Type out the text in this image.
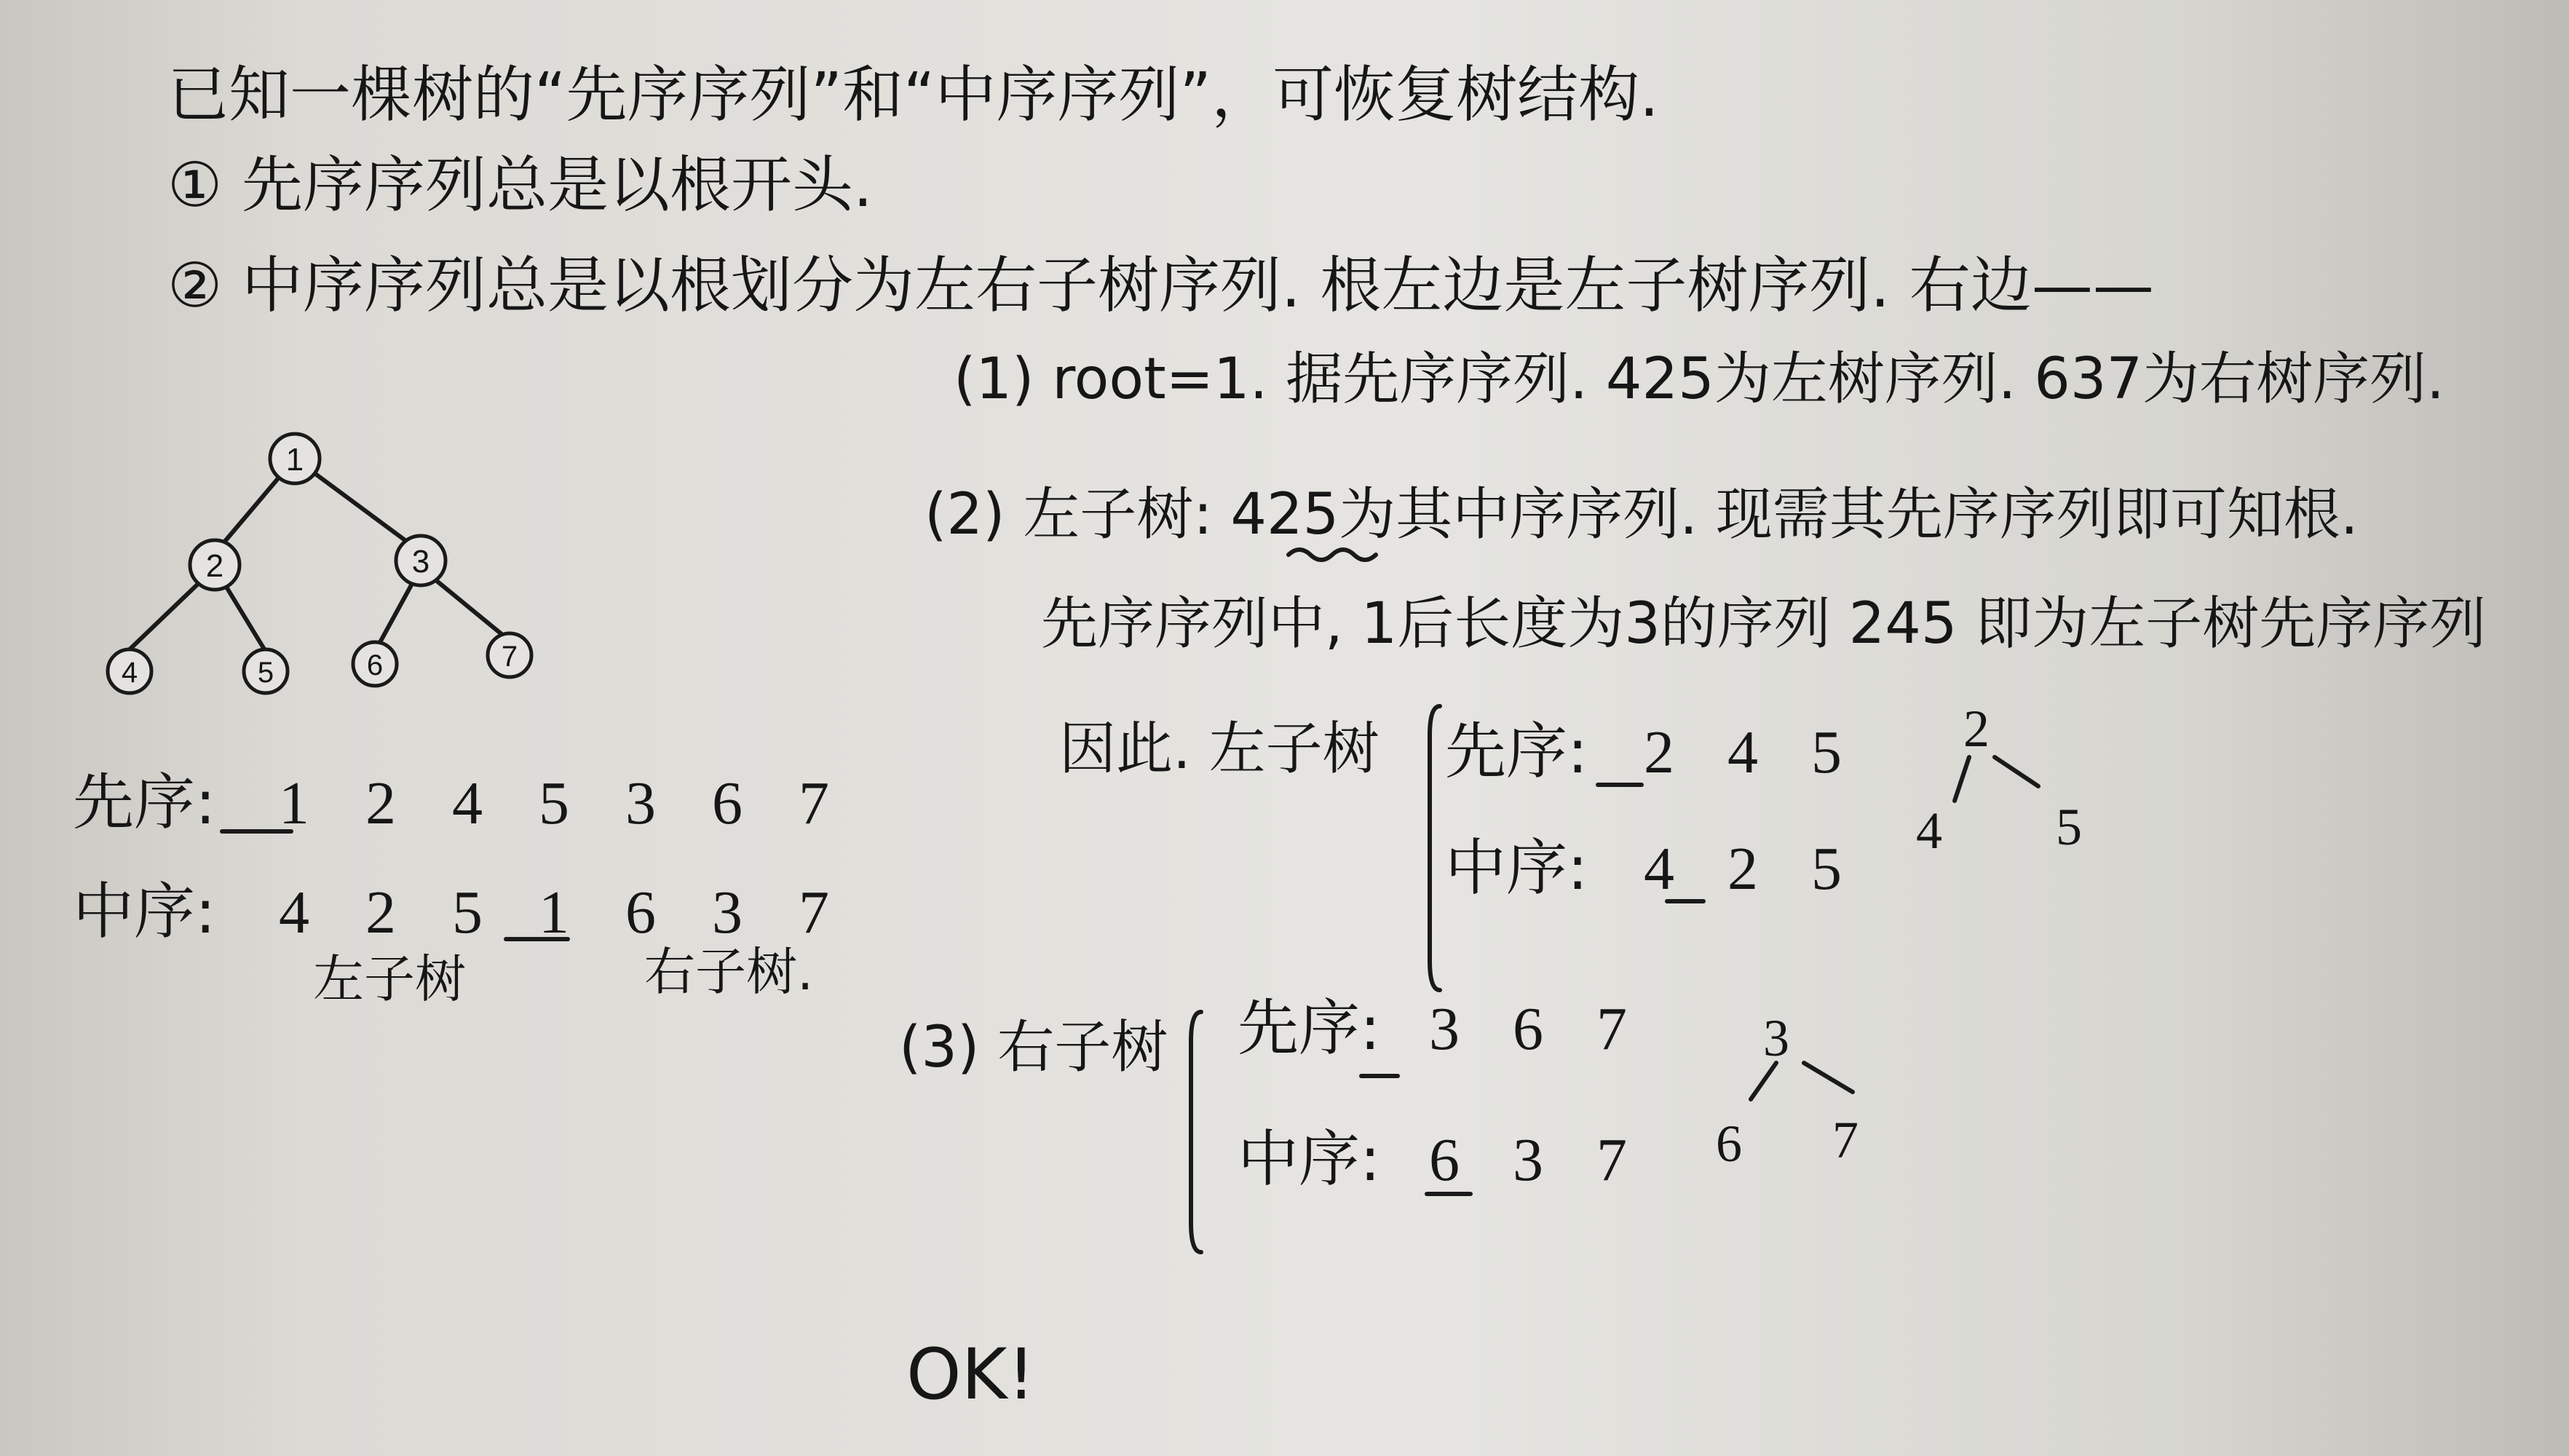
已知一棵树的“先序序列”和“中序序列”，可恢复树结构.
① 先序序列总是以根开头.
② 中序序列总是以根划分为左右子树序列. 根左边是左子树序列. 右边——
(1) root=1. 据先序序列. 425为左树序列. 637为右树序列.
(2) 左子树: 425为其中序序列. 现需其先序序列即可知根.
先序序列中, 1后长度为3的序列 245 即为左子树先序序列
因此. 左子树
先序: 1 2 4 5 3 6 7
中序: 4 2 5 1 6 3 7
左子树	右子树.
先序: 2 4 5
中序: 4 2 5
(3) 右子树 先序: 3 6 7
中序: 6 3 7
OK!
1
2	3
4	5	6	7
2
4 5
3
6 7
